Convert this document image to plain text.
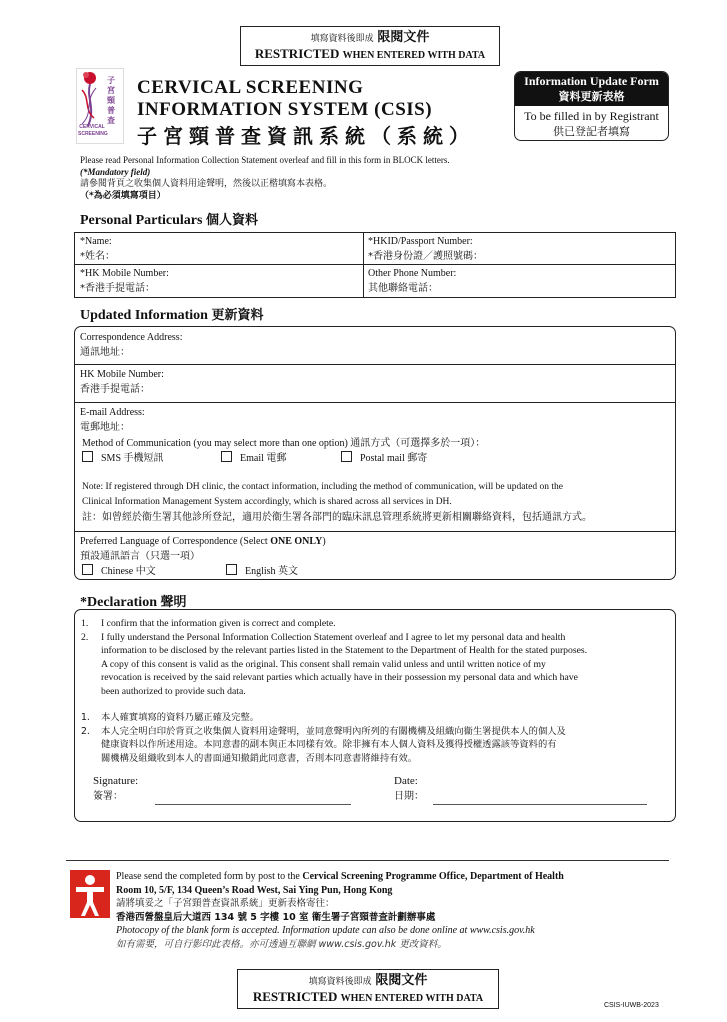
填寫資料後即成 限閱文件
RESTRICTED WHEN ENTERED WITH DATA
子宮頸普查
CERVICAL SCREENING
CERVICAL SCREENING
INFORMATION SYSTEM (CSIS)
子宮頸普查資訊系統（系統）
Information Update Form
資料更新表格
To be filled in by Registrant
供已登記者填寫
Please read Personal Information Collection Statement overleaf and fill in this form in BLOCK letters.
(*Mandatory field)
請參閱背頁之收集個人資料用途聲明，然後以正楷填寫本表格。
（*為必須填寫項目）
Personal Particulars 個人資料
*Name:
*姓名：
*HKID/Passport Number:
*香港身份證／護照號碼：
*HK Mobile Number:
*香港手提電話：
Other Phone Number:
其他聯絡電話：
Updated Information 更新資料
Correspondence Address:
通訊地址：
HK Mobile Number:
香港手提電話：
E-mail Address:
電郵地址：
Method of Communication (you may select more than one option) 通訊方式（可選擇多於一項）：
SMS 手機短訊	Email 電郵	Postal mail 郵寄
Note: If registered through DH clinic, the contact information, including the method of communication, will be updated on the
Clinical Information Management System accordingly, which is shared across all services in DH.
註：如曾經於衞生署其他診所登記，適用於衞生署各部門的臨床訊息管理系統將更新相關聯絡資料，包括通訊方式。
Preferred Language of Correspondence (Select ONE ONLY)
預設通訊語言（只選一項）
Chinese 中文	English 英文
*Declaration 聲明
1. I confirm that the information given is correct and complete.
2. I fully understand the Personal Information Collection Statement overleaf and I agree to let my personal data and health
information to be disclosed by the relevant parties listed in the Statement to the Department of Health for the stated purposes.
A copy of this consent is valid as the original. This consent shall remain valid unless and until written notice of my
revocation is received by the said relevant parties which actually have in their possession my personal data and which have
been authorized to provide such data.
1. 本人確實填寫的資料乃屬正確及完整。
2. 本人完全明白印於背頁之收集個人資料用途聲明，並同意聲明內所列的有關機構及組織向衞生署提供本人的個人及
健康資料以作所述用途。本同意書的副本與正本同樣有效。除非擁有本人個人資料及獲得授權透露該等資料的有
關機構及組織收到本人的書面通知撤銷此同意書，否則本同意書將維持有效。
Signature:
簽署：
Date:
日期：
Please send the completed form by post to the Cervical Screening Programme Office, Department of Health
Room 10, 5/F, 134 Queen’s Road West, Sai Ying Pun, Hong Kong
請將填妥之「子宮頸普查資訊系統」更新表格寄往：
香港西營盤皇后大道西 134 號 5 字樓 10 室 衞生署子宮頸普查計劃辦事處
Photocopy of the blank form is accepted. Information update can also be done online at www.csis.gov.hk
如有需要，可自行影印此表格。亦可透過互聯網 www.csis.gov.hk 更改資料。
填寫資料後即成 限閱文件
RESTRICTED WHEN ENTERED WITH DATA
CSIS-IUWB-2023
